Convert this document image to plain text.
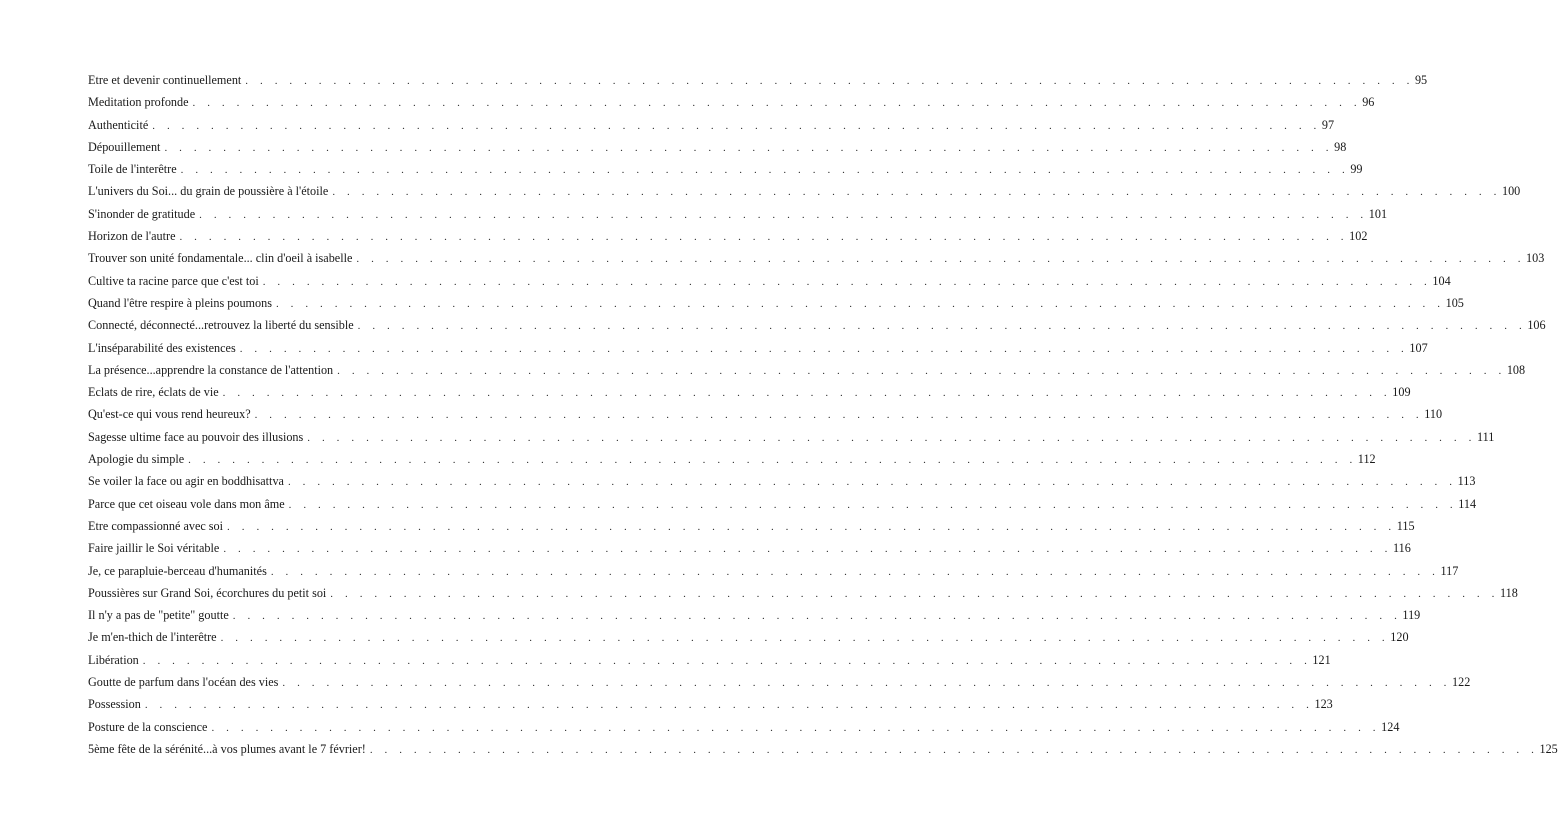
Etre et devenir continuellement . . . . . . . . . . . . . . . . . . . . . . . . . . . . . . . . . . . . . . . . . . . . . . . . . . . . . . . . . . . . . . . . . . . . . . . . . . . . . . . . 95
Meditation profonde . . . . . . . . . . . . . . . . . . . . . . . . . . . . . . . . . . . . . . . . . . . . . . . . . . . . . . . . . . . . . . . . . . . . . . . . . . . . . . . . 96
Authenticité . . . . . . . . . . . . . . . . . . . . . . . . . . . . . . . . . . . . . . . . . . . . . . . . . . . . . . . . . . . . . . . . . . . . . . . . . . . . . . . . 97
Dépouillement . . . . . . . . . . . . . . . . . . . . . . . . . . . . . . . . . . . . . . . . . . . . . . . . . . . . . . . . . . . . . . . . . . . . . . . . . . . . . . . . 98
Toile de l'interêtre . . . . . . . . . . . . . . . . . . . . . . . . . . . . . . . . . . . . . . . . . . . . . . . . . . . . . . . . . . . . . . . . . . . . . . . . . . . . . . . . 99
L'univers du Soi... du grain de poussière à l'étoile . . . . . . . . . . . . . . . . . . . . . . . . . . . . . . . . . . . . . . . . . . . . . . . . . . . . . . . . . . . . . . . . . . . . . . . . . . . . . . . . 100
S'inonder de gratitude . . . . . . . . . . . . . . . . . . . . . . . . . . . . . . . . . . . . . . . . . . . . . . . . . . . . . . . . . . . . . . . . . . . . . . . . . . . . . . . . 101
Horizon de l'autre . . . . . . . . . . . . . . . . . . . . . . . . . . . . . . . . . . . . . . . . . . . . . . . . . . . . . . . . . . . . . . . . . . . . . . . . . . . . . . . . 102
Trouver son unité fondamentale... clin d'oeil à isabelle . . . . . . . . . . . . . . . . . . . . . . . . . . . . . . . . . . . . . . . . . . . . . . . . . . . . . . . . . . . . . . . . . . . . . . . . . . . . . . . . 103
Cultive ta racine parce que c'est toi . . . . . . . . . . . . . . . . . . . . . . . . . . . . . . . . . . . . . . . . . . . . . . . . . . . . . . . . . . . . . . . . . . . . . . . . . . . . . . . . 104
Quand l'être respire à pleins poumons . . . . . . . . . . . . . . . . . . . . . . . . . . . . . . . . . . . . . . . . . . . . . . . . . . . . . . . . . . . . . . . . . . . . . . . . . . . . . . . . 105
Connecté, déconnecté...retrouvez la liberté du sensible . . . . . . . . . . . . . . . . . . . . . . . . . . . . . . . . . . . . . . . . . . . . . . . . . . . . . . . . . . . . . . . . . . . . . . . . . . . . . . . . 106
L'inséparabilité des existences . . . . . . . . . . . . . . . . . . . . . . . . . . . . . . . . . . . . . . . . . . . . . . . . . . . . . . . . . . . . . . . . . . . . . . . . . . . . . . . . 107
La présence...apprendre la constance de l'attention . . . . . . . . . . . . . . . . . . . . . . . . . . . . . . . . . . . . . . . . . . . . . . . . . . . . . . . . . . . . . . . . . . . . . . . . . . . . . . . . 108
Eclats de rire, éclats de vie . . . . . . . . . . . . . . . . . . . . . . . . . . . . . . . . . . . . . . . . . . . . . . . . . . . . . . . . . . . . . . . . . . . . . . . . . . . . . . . . 109
Qu'est-ce qui vous rend heureux? . . . . . . . . . . . . . . . . . . . . . . . . . . . . . . . . . . . . . . . . . . . . . . . . . . . . . . . . . . . . . . . . . . . . . . . . . . . . . . . . 110
Sagesse ultime face au pouvoir des illusions . . . . . . . . . . . . . . . . . . . . . . . . . . . . . . . . . . . . . . . . . . . . . . . . . . . . . . . . . . . . . . . . . . . . . . . . . . . . . . . . 111
Apologie du simple . . . . . . . . . . . . . . . . . . . . . . . . . . . . . . . . . . . . . . . . . . . . . . . . . . . . . . . . . . . . . . . . . . . . . . . . . . . . . . . . 112
Se voiler la face ou agir en boddhisattva . . . . . . . . . . . . . . . . . . . . . . . . . . . . . . . . . . . . . . . . . . . . . . . . . . . . . . . . . . . . . . . . . . . . . . . . . . . . . . . . 113
Parce que cet oiseau vole dans mon âme . . . . . . . . . . . . . . . . . . . . . . . . . . . . . . . . . . . . . . . . . . . . . . . . . . . . . . . . . . . . . . . . . . . . . . . . . . . . . . . . 114
Etre compassionné avec soi . . . . . . . . . . . . . . . . . . . . . . . . . . . . . . . . . . . . . . . . . . . . . . . . . . . . . . . . . . . . . . . . . . . . . . . . . . . . . . . . 115
Faire jaillir le Soi véritable . . . . . . . . . . . . . . . . . . . . . . . . . . . . . . . . . . . . . . . . . . . . . . . . . . . . . . . . . . . . . . . . . . . . . . . . . . . . . . . . 116
Je, ce parapluie-berceau d'humanités . . . . . . . . . . . . . . . . . . . . . . . . . . . . . . . . . . . . . . . . . . . . . . . . . . . . . . . . . . . . . . . . . . . . . . . . . . . . . . . . 117
Poussières sur Grand Soi, écorchures du petit soi . . . . . . . . . . . . . . . . . . . . . . . . . . . . . . . . . . . . . . . . . . . . . . . . . . . . . . . . . . . . . . . . . . . . . . . . . . . . . . . . 118
Il n'y a pas de "petite" goutte . . . . . . . . . . . . . . . . . . . . . . . . . . . . . . . . . . . . . . . . . . . . . . . . . . . . . . . . . . . . . . . . . . . . . . . . . . . . . . . . 119
Je m'en-thich de l'interêtre . . . . . . . . . . . . . . . . . . . . . . . . . . . . . . . . . . . . . . . . . . . . . . . . . . . . . . . . . . . . . . . . . . . . . . . . . . . . . . . . 120
Libération . . . . . . . . . . . . . . . . . . . . . . . . . . . . . . . . . . . . . . . . . . . . . . . . . . . . . . . . . . . . . . . . . . . . . . . . . . . . . . . . 121
Goutte de parfum dans l'océan des vies . . . . . . . . . . . . . . . . . . . . . . . . . . . . . . . . . . . . . . . . . . . . . . . . . . . . . . . . . . . . . . . . . . . . . . . . . . . . . . . . 122
Possession . . . . . . . . . . . . . . . . . . . . . . . . . . . . . . . . . . . . . . . . . . . . . . . . . . . . . . . . . . . . . . . . . . . . . . . . . . . . . . . . 123
Posture de la conscience . . . . . . . . . . . . . . . . . . . . . . . . . . . . . . . . . . . . . . . . . . . . . . . . . . . . . . . . . . . . . . . . . . . . . . . . . . . . . . . . 124
5ème fête de la sérénité...à vos plumes avant le 7 février! . . . . . . . . . . . . . . . . . . . . . . . . . . . . . . . . . . . . . . . . . . . . . . . . . . . . . . . . . . . . . . . . . . . . . . . . . . . . . . . . 125
